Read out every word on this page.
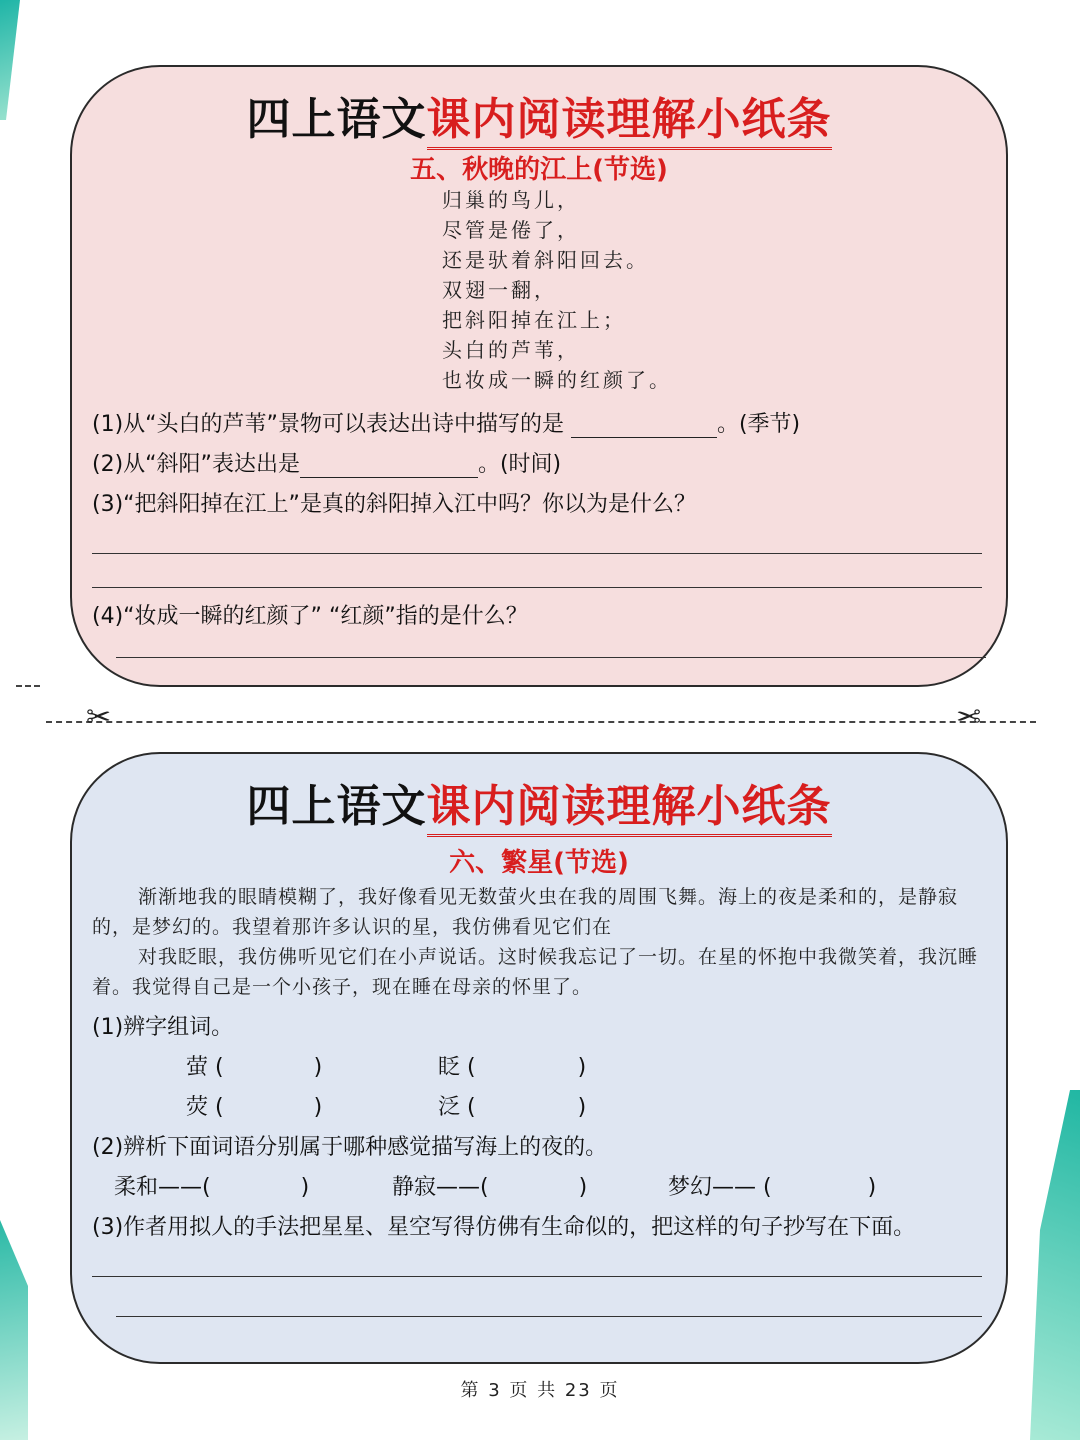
四上语文课内阅读理解小纸条
五、秋晚的江上(节选)
归巢的鸟儿，
尽管是倦了，
还是驮着斜阳回去。
双翅一翻，
把斜阳掉在江上；
头白的芦苇，
也妆成一瞬的红颜了。
(1)从“头白的芦苇”景物可以表达出诗中描写的是	。(季节)
(2)从“斜阳”表达出是	。(时间)
(3)“把斜阳掉在江上”是真的斜阳掉入江中吗？你以为是什么？
(4)“妆成一瞬的红颜了” “红颜”指的是什么？
✂	✂
四上语文课内阅读理解小纸条
六、繁星(节选)

渐渐地我的眼睛模糊了，我好像看见无数萤火虫在我的周围飞舞。海上的夜是柔和的，是静寂的，是梦幻的。我望着那许多认识的星，我仿佛看见它们在

对我眨眼，我仿佛听见它们在小声说话。这时候我忘记了一切。在星的怀抱中我微笑着，我沉睡着。我觉得自己是一个小孩子，现在睡在母亲的怀里了。

(1)辨字组词。
萤 (	)	眨 (	)
荧 (	)	泛 (	)
(2)辨析下面词语分别属于哪种感觉描写海上的夜的。
柔和——(	)	静寂——(	)	梦幻—— (	)
(3)作者用拟人的手法把星星、星空写得仿佛有生命似的，把这样的句子抄写在下面。
第 3 页 共 23 页
